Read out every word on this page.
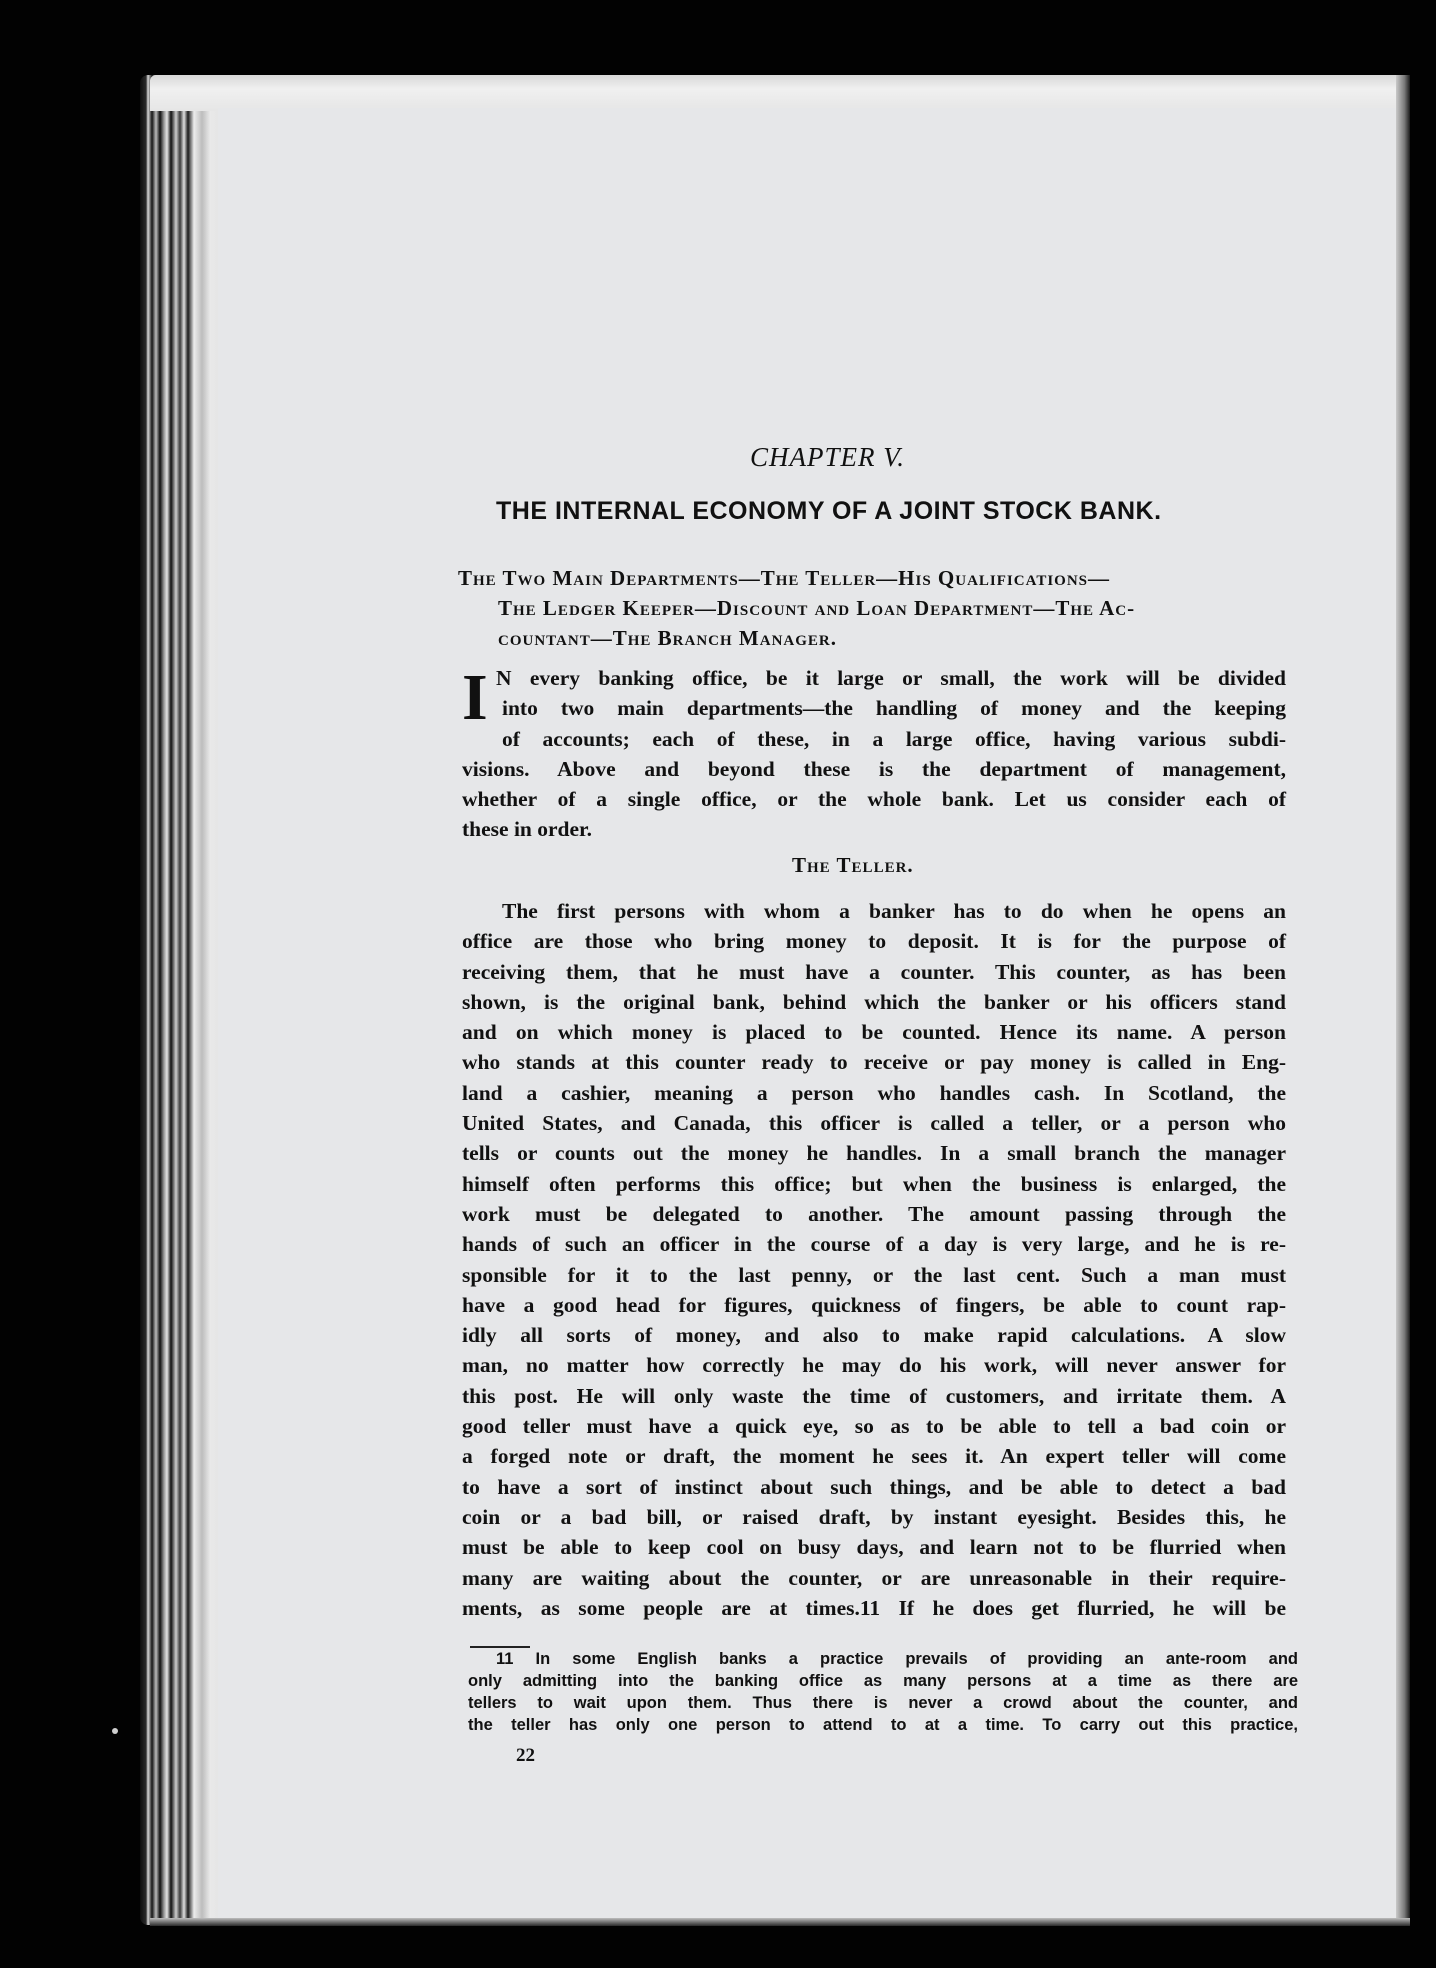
CHAPTER V.
THE INTERNAL ECONOMY OF A JOINT STOCK BANK.
The Two Main Departments—The Teller—His Qualifications—
The Ledger Keeper—Discount and Loan Department—The Ac-
countant—The Branch Manager.
I N every banking office, be it large or small, the work will be divided
into two main departments—the handling of money and the keeping
of accounts; each of these, in a large office, having various subdi-
visions. Above and beyond these is the department of management,
whether of a single office, or the whole bank. Let us consider each of
these in order.
The Teller.
The first persons with whom a banker has to do when he opens an
office are those who bring money to deposit. It is for the purpose of
receiving them, that he must have a counter. This counter, as has been
shown, is the original bank, behind which the banker or his officers stand
and on which money is placed to be counted. Hence its name. A person
who stands at this counter ready to receive or pay money is called in Eng-
land a cashier, meaning a person who handles cash. In Scotland, the
United States, and Canada, this officer is called a teller, or a person who
tells or counts out the money he handles. In a small branch the manager
himself often performs this office; but when the business is enlarged, the
work must be delegated to another. The amount passing through the
hands of such an officer in the course of a day is very large, and he is re-
sponsible for it to the last penny, or the last cent. Such a man must
have a good head for figures, quickness of fingers, be able to count rap-
idly all sorts of money, and also to make rapid calculations. A slow
man, no matter how correctly he may do his work, will never answer for
this post. He will only waste the time of customers, and irritate them. A
good teller must have a quick eye, so as to be able to tell a bad coin or
a forged note or draft, the moment he sees it. An expert teller will come
to have a sort of instinct about such things, and be able to detect a bad
coin or a bad bill, or raised draft, by instant eyesight. Besides this, he
must be able to keep cool on busy days, and learn not to be flurried when
many are waiting about the counter, or are unreasonable in their require-
ments, as some people are at times.11 If he does get flurried, he will be
11 In some English banks a practice prevails of providing an ante-room and
only admitting into the banking office as many persons at a time as there are
tellers to wait upon them. Thus there is never a crowd about the counter, and
the teller has only one person to attend to at a time. To carry out this practice,
22
